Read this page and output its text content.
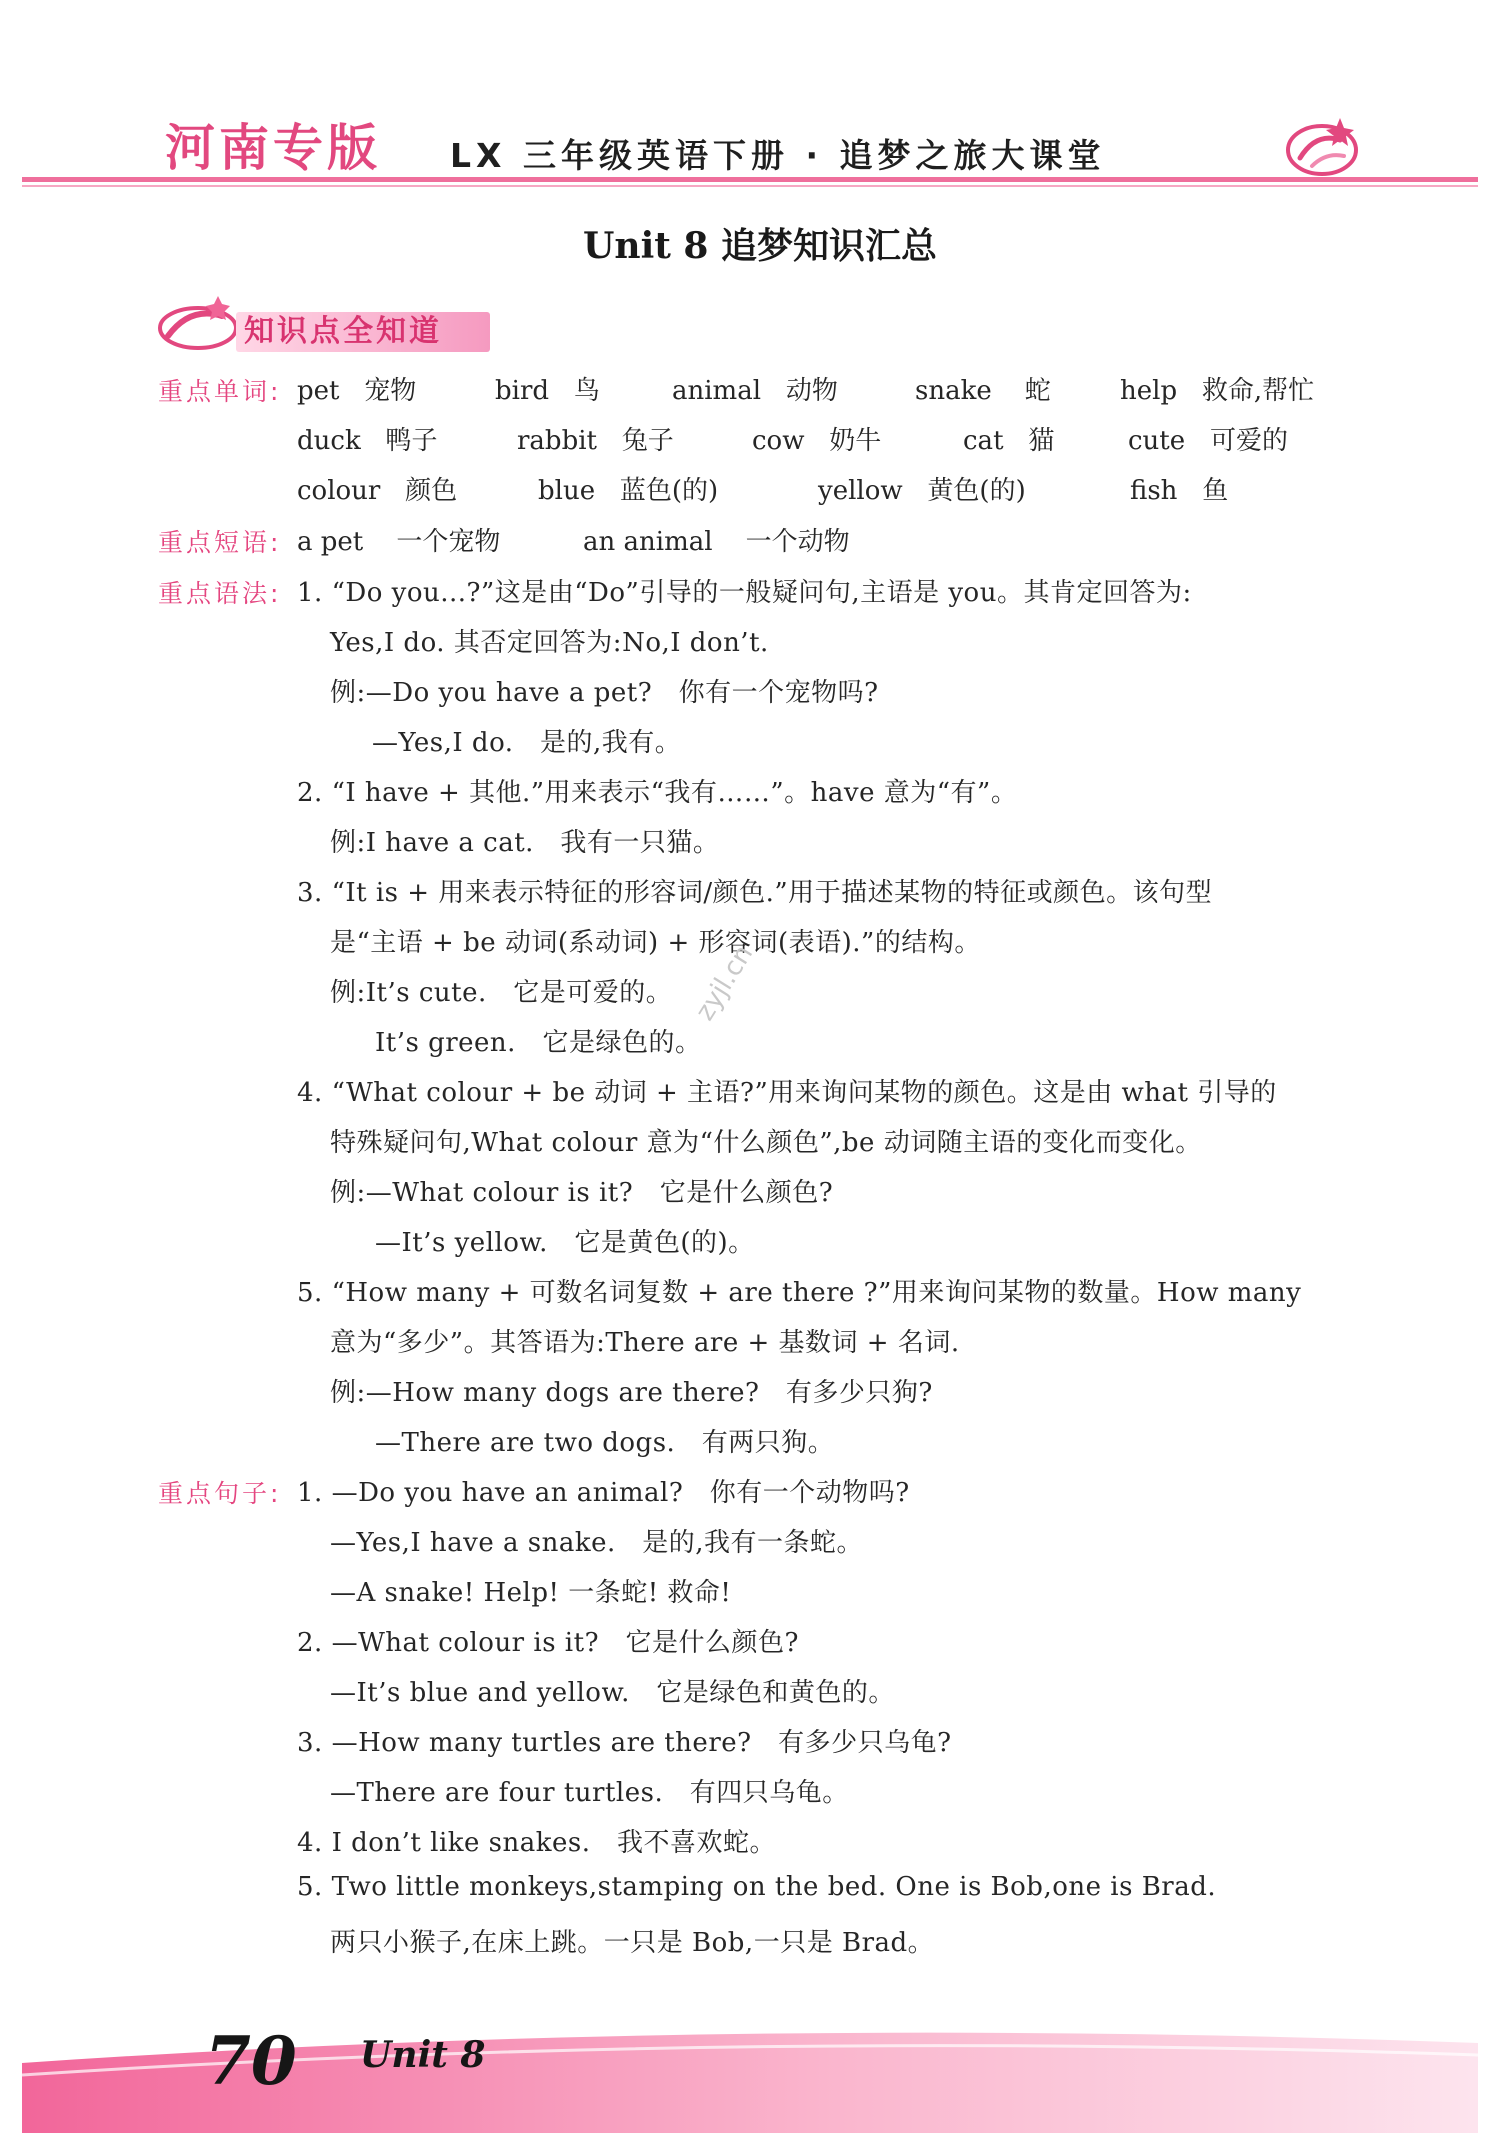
河南专版 LX 三年级英语下册 · 追梦之旅大课堂
Unit 8 追梦知识汇总
知识点全知道
重点单词: pet 宠物	bird 鸟	animal 动物	snake 蛇	help 救命,帮忙
duck 鸭子	rabbit 兔子	cow 奶牛	cat 猫	cute 可爱的
colour 颜色	blue 蓝色(的)	yellow 黄色(的)	fish 鱼
重点短语: a pet 一个宠物	an animal 一个动物
重点语法: 1. “Do you...?”这是由“Do”引导的一般疑问句,主语是 you。其肯定回答为:
Yes,I do. 其否定回答为:No,I don’t.
例:—Do you have a pet?　你有一个宠物吗?
—Yes,I do.　是的,我有。
2. “I have + 其他.”用来表示“我有……”。have 意为“有”。
例:I have a cat.　我有一只猫。
3. “It is + 用来表示特征的形容词/颜色.”用于描述某物的特征或颜色。该句型
是“主语 + be 动词(系动词) + 形容词(表语).”的结构。
例:It’s cute.　它是可爱的。
It’s green.　它是绿色的。
4. “What colour + be 动词 + 主语?”用来询问某物的颜色。这是由 what 引导的
特殊疑问句,What colour 意为“什么颜色”,be 动词随主语的变化而变化。
例:—What colour is it?　它是什么颜色?
—It’s yellow.　它是黄色(的)。
5. “How many + 可数名词复数 + are there ?”用来询问某物的数量。How many
意为“多少”。其答语为:There are + 基数词 + 名词.
例:—How many dogs are there?　有多少只狗?
—There are two dogs.　有两只狗。
重点句子: 1. —Do you have an animal?　你有一个动物吗?
—Yes,I have a snake.　是的,我有一条蛇。
—A snake! Help! 一条蛇! 救命!
2. —What colour is it?　它是什么颜色?
—It’s blue and yellow.　它是绿色和黄色的。
3. —How many turtles are there?　有多少只乌龟?
—There are four turtles.　有四只乌龟。
4. I don’t like snakes.　我不喜欢蛇。
5. Two little monkeys,stamping on the bed. One is Bob,one is Brad.
两只小猴子,在床上跳。一只是 Bob,一只是 Brad。
zyjl.cn
70 Unit 8
